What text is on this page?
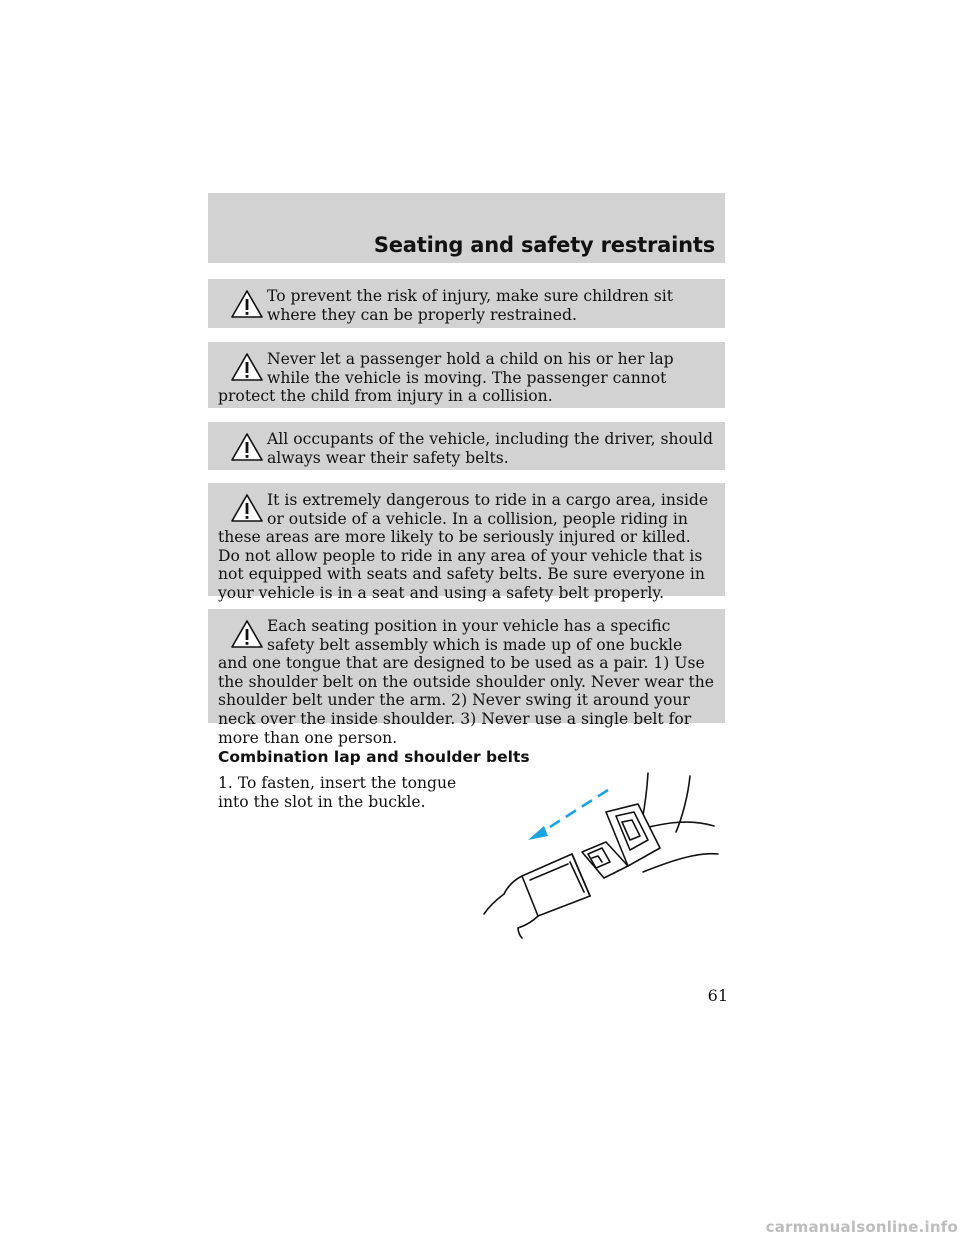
Seating and safety restraints

To prevent the risk of injury, make sure children sit where they can be properly restrained.

Never let a passenger hold a child on his or her lap while the vehicle is moving. The passenger cannot protect the child from injury in a collision.

All occupants of the vehicle, including the driver, should always wear their safety belts.

It is extremely dangerous to ride in a cargo area, inside or outside of a vehicle. In a collision, people riding in these areas are more likely to be seriously injured or killed. Do not allow people to ride in any area of your vehicle that is not equipped with seats and safety belts. Be sure everyone in your vehicle is in a seat and using a safety belt properly.

Each seating position in your vehicle has a specific safety belt assembly which is made up of one buckle and one tongue that are designed to be used as a pair. 1) Use the shoulder belt on the outside shoulder only. Never wear the shoulder belt under the arm. 2) Never swing it around your neck over the inside shoulder. 3) Never use a single belt for more than one person.

Combination lap and shoulder belts

1. To fasten, insert the tongue into the slot in the buckle.

61
carmanualsonline.info
